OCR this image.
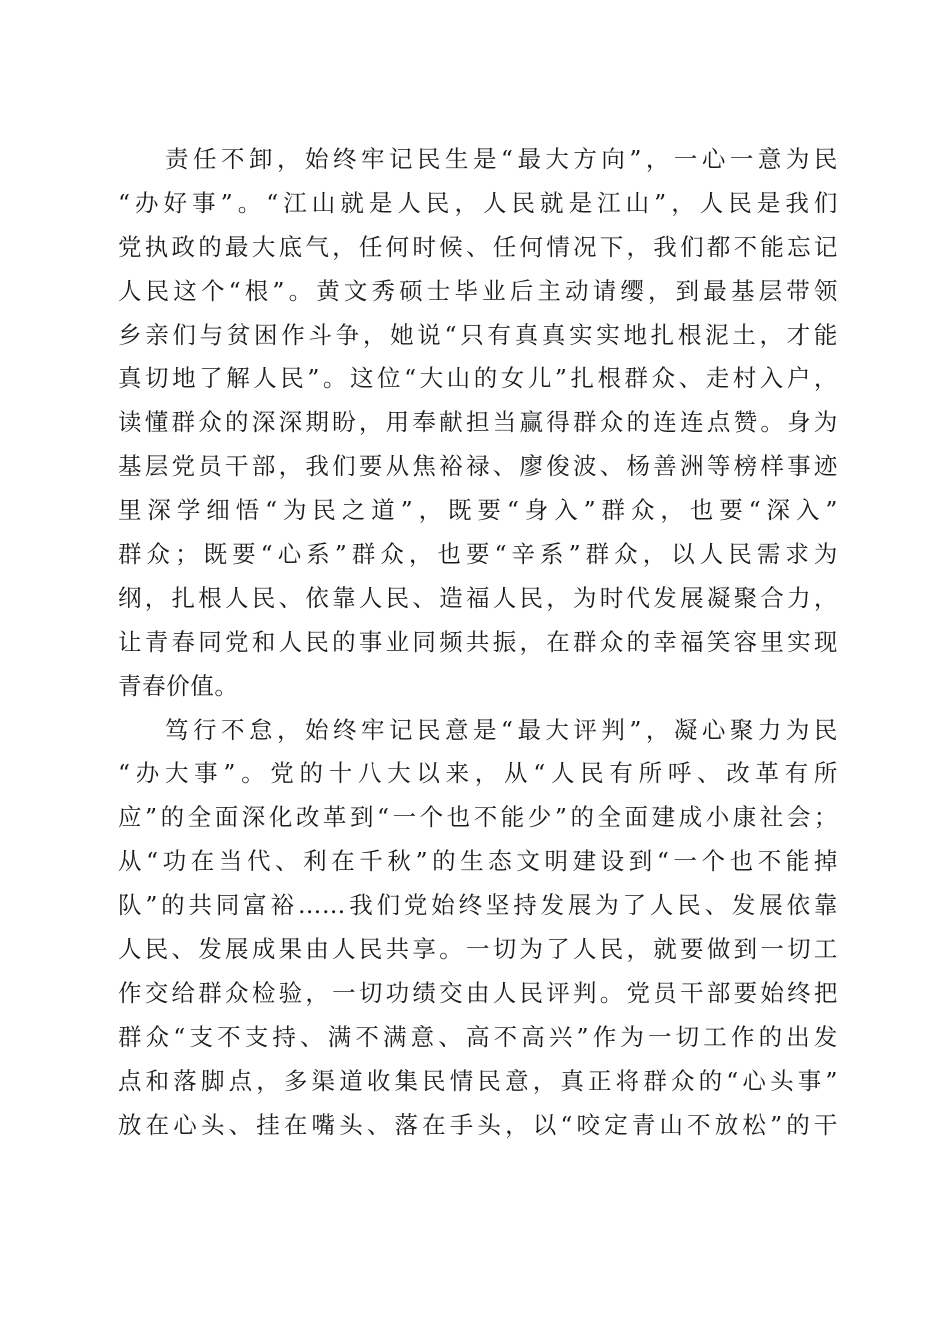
责任不卸，始终牢记民生是“最大方向”，一心一意为民
“办好事”。“江山就是人民，人民就是江山”，人民是我们
党执政的最大底气，任何时候、任何情况下，我们都不能忘记
人民这个“根”。黄文秀硕士毕业后主动请缨，到最基层带领
乡亲们与贫困作斗争，她说“只有真真实实地扎根泥土，才能
真切地了解人民”。这位“大山的女儿”扎根群众、走村入户，
读懂群众的深深期盼，用奉献担当赢得群众的连连点赞。身为
基层党员干部，我们要从焦裕禄、廖俊波、杨善洲等榜样事迹
里深学细悟“为民之道”，既要“身入”群众，也要“深入”
群众；既要“心系”群众，也要“辛系”群众，以人民需求为
纲，扎根人民、依靠人民、造福人民，为时代发展凝聚合力，
让青春同党和人民的事业同频共振，在群众的幸福笑容里实现
青春价值。
笃行不怠，始终牢记民意是“最大评判”，凝心聚力为民
“办大事”。党的十八大以来，从“人民有所呼、改革有所
应”的全面深化改革到“一个也不能少”的全面建成小康社会；
从“功在当代、利在千秋”的生态文明建设到“一个也不能掉
队”的共同富裕……我们党始终坚持发展为了人民、发展依靠
人民、发展成果由人民共享。一切为了人民，就要做到一切工
作交给群众检验，一切功绩交由人民评判。党员干部要始终把
群众“支不支持、满不满意、高不高兴”作为一切工作的出发
点和落脚点，多渠道收集民情民意，真正将群众的“心头事”
放在心头、挂在嘴头、落在手头，以“咬定青山不放松”的干
